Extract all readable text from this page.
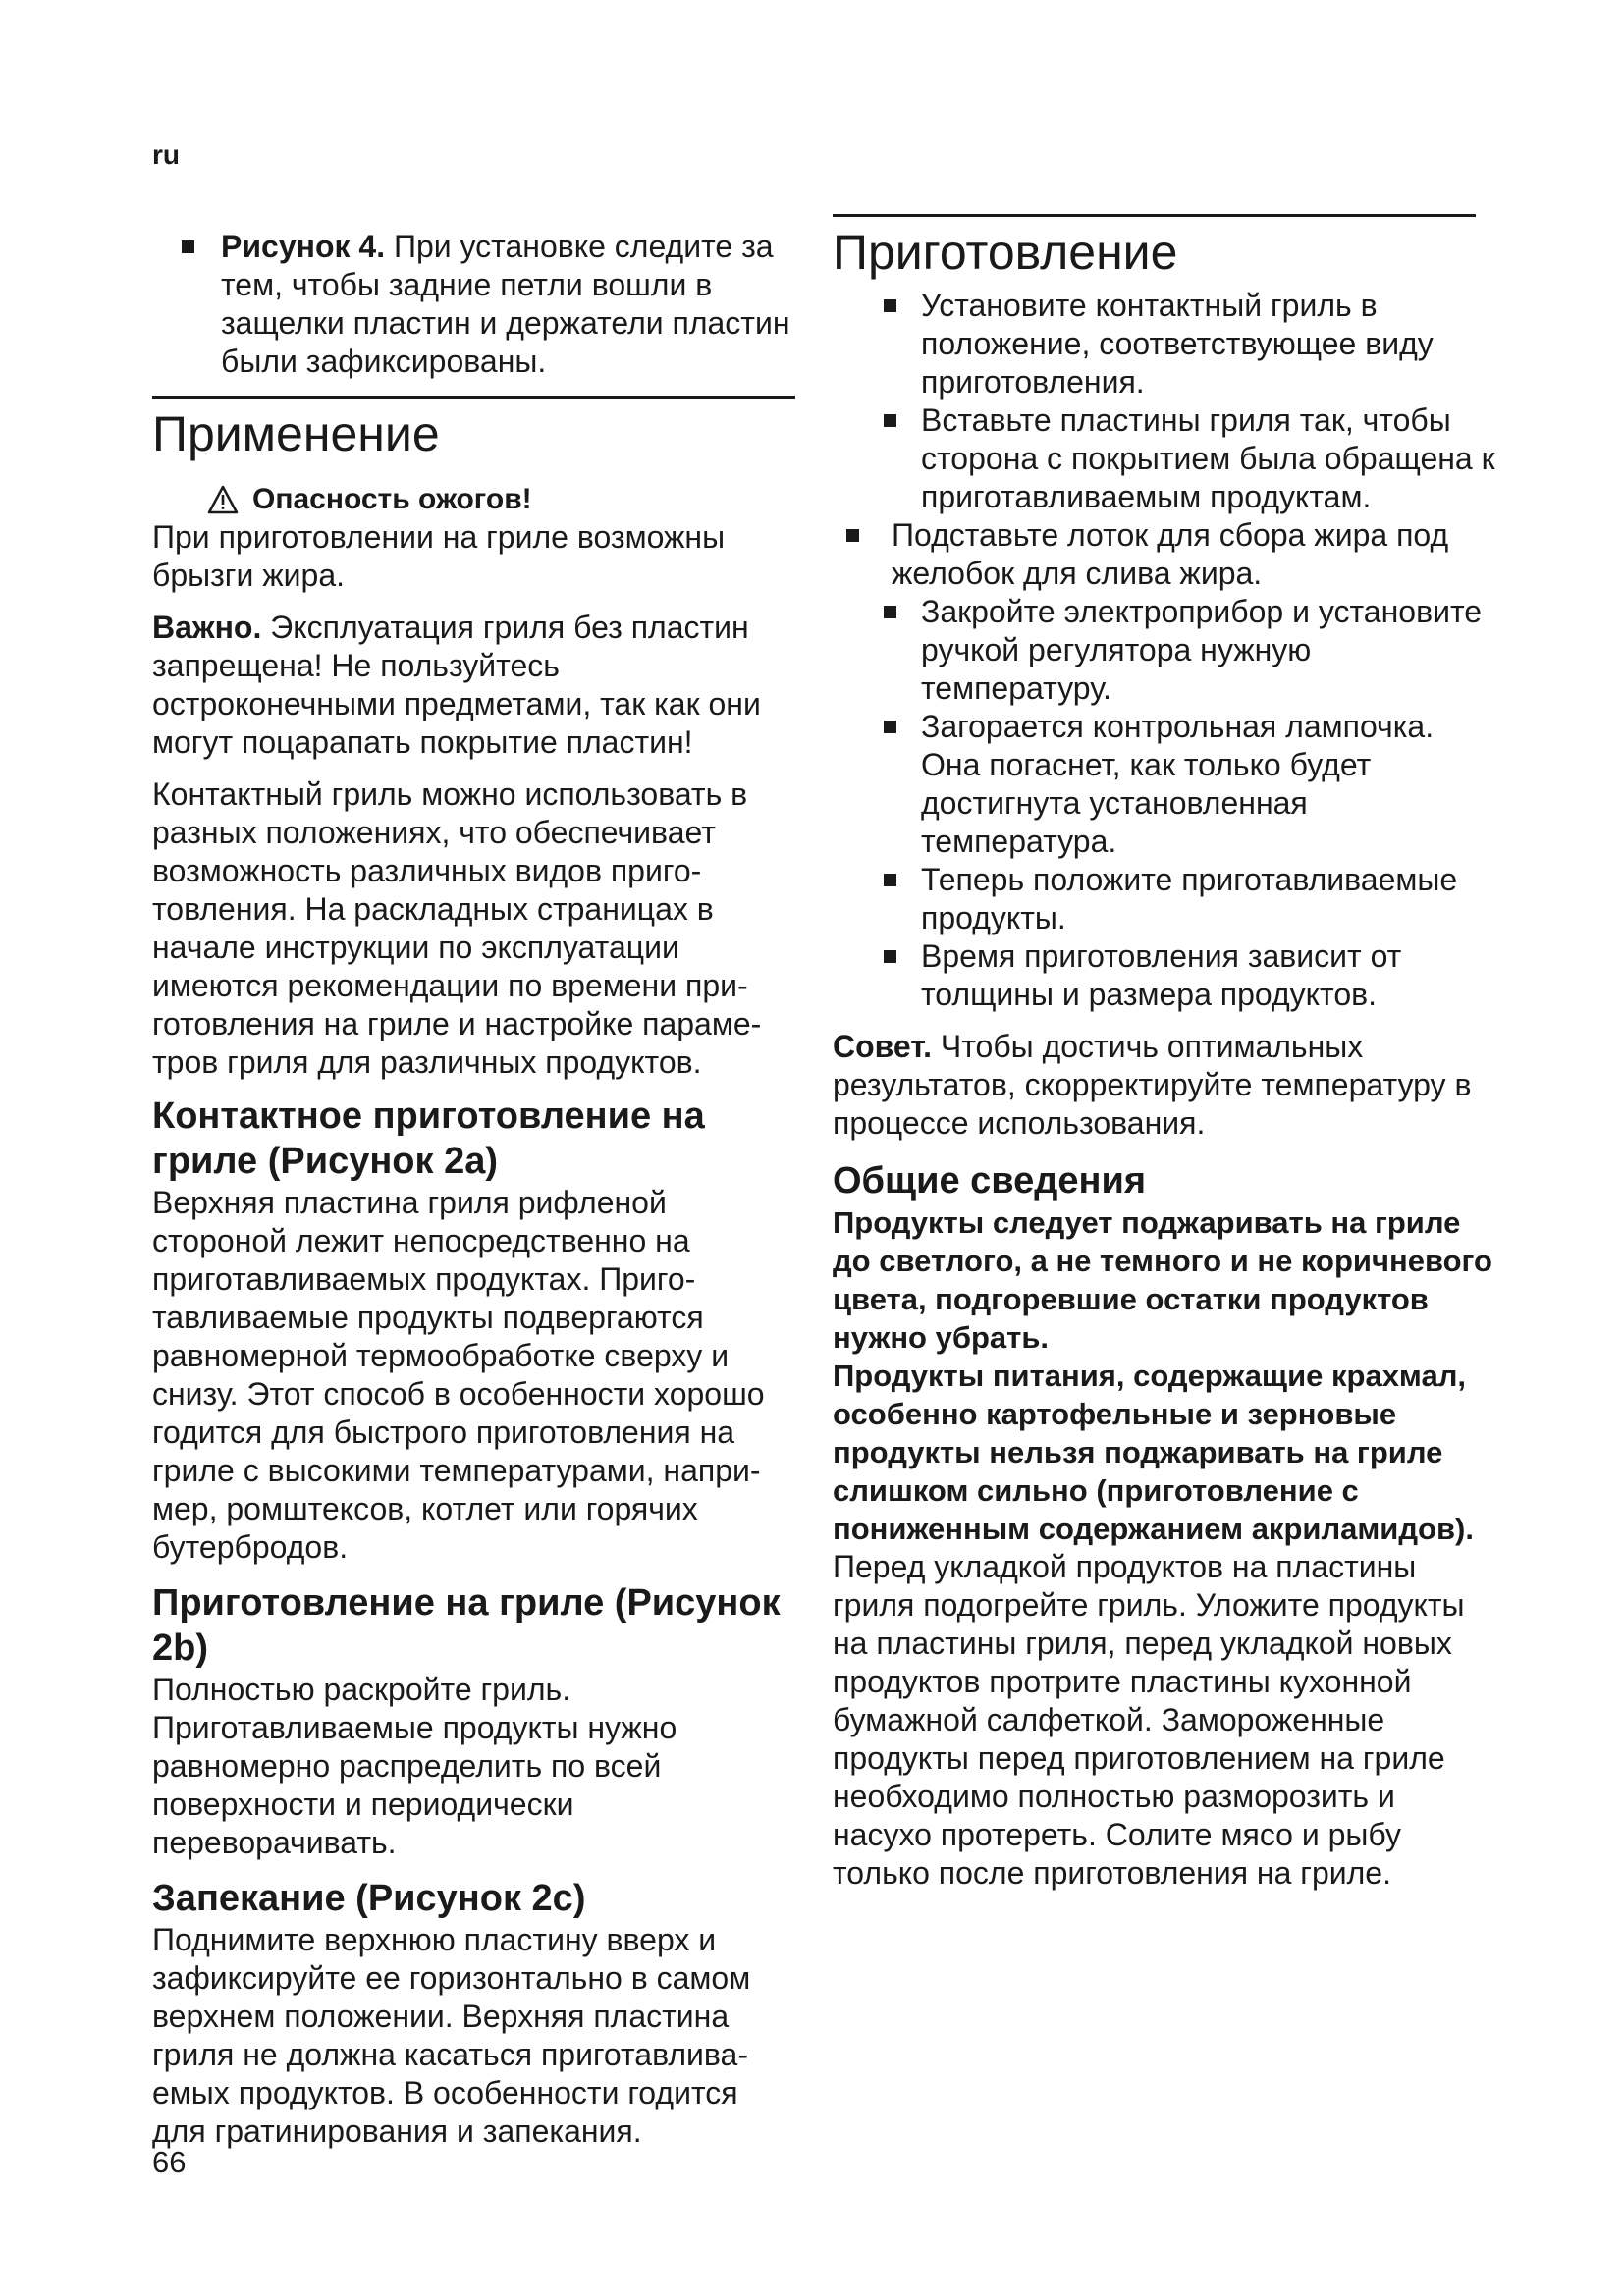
ru
Рисунок 4. При установке следите за тем, чтобы задние петли вошли в защелки пластин и держатели пластин были зафиксированы.
Применение
Опасность ожогов!

При приготовлении на гриле возможны брызги жира.

Важно. Эксплуатация гриля без пластин запрещена! Не пользуйтесь остроконечными предметами, так как они могут поцарапать покрытие пластин!

Контактный гриль можно использовать в разных положениях, что обеспечивает возможность различных видов приго-товления. На раскладных страницах в начале инструкции по эксплуатации имеются рекомендации по времени при-готовления на гриле и настройке параме-тров гриля для различных продуктов.

Контактное приготовление на гриле (Рисунок 2a)

Верхняя пластина гриля рифленой стороной лежит непосредственно на приготавливаемых продуктах. Приго-тавливаемые продукты подвергаются равномерной термообработке сверху и снизу. Этот способ в особенности хорошо годится для быстрого приготовления на гриле с высокими температурами, напри-мер, ромштексов, котлет или горячих бутербродов.

Приготовление на гриле (Рисунок 2b)

Полностью раскройте гриль. Приготавливаемые продукты нужно равномерно распределить по всей поверхности и периодически переворачивать.

Запекание (Рисунок 2c)

Поднимите верхнюю пластину вверх и зафиксируйте ее горизонтально в самом верхнем положении. Верхняя пластина гриля не должна касаться приготавлива-емых продуктов. В особенности годится для гратинирования и запекания.

Приготовление
Установите контактный гриль в положение, соответствующее виду приготовления.
Вставьте пластины гриля так, чтобы сторона с покрытием была обращена к приготавливаемым продуктам.
Подставьте лоток для сбора жира под желобок для слива жира.
Закройте электроприбор и установите ручкой регулятора нужную температуру.
Загорается контрольная лампочка. Она погаснет, как только будет достигнута установленная температура.
Теперь положите приготавливаемые продукты.
Время приготовления зависит от толщины и размера продуктов.

Совет. Чтобы достичь оптимальных результатов, скорректируйте температуру в процессе использования.

Общие сведения

Продукты следует поджаривать на гриле до светлого, а не темного и не коричневого цвета, подгоревшие остатки продуктов нужно убрать.

Продукты питания, содержащие крахмал, особенно картофельные и зерновые продукты нельзя поджаривать на гриле слишком сильно (приготовление с пониженным содержанием акриламидов).

Перед укладкой продуктов на пластины гриля подогрейте гриль. Уложите продукты на пластины гриля, перед укладкой новых продуктов протрите пластины кухонной бумажной салфеткой. Замороженные продукты перед приготовлением на гриле необходимо полностью разморозить и насухо протереть. Солите мясо и рыбу только после приготовления на гриле.

66
